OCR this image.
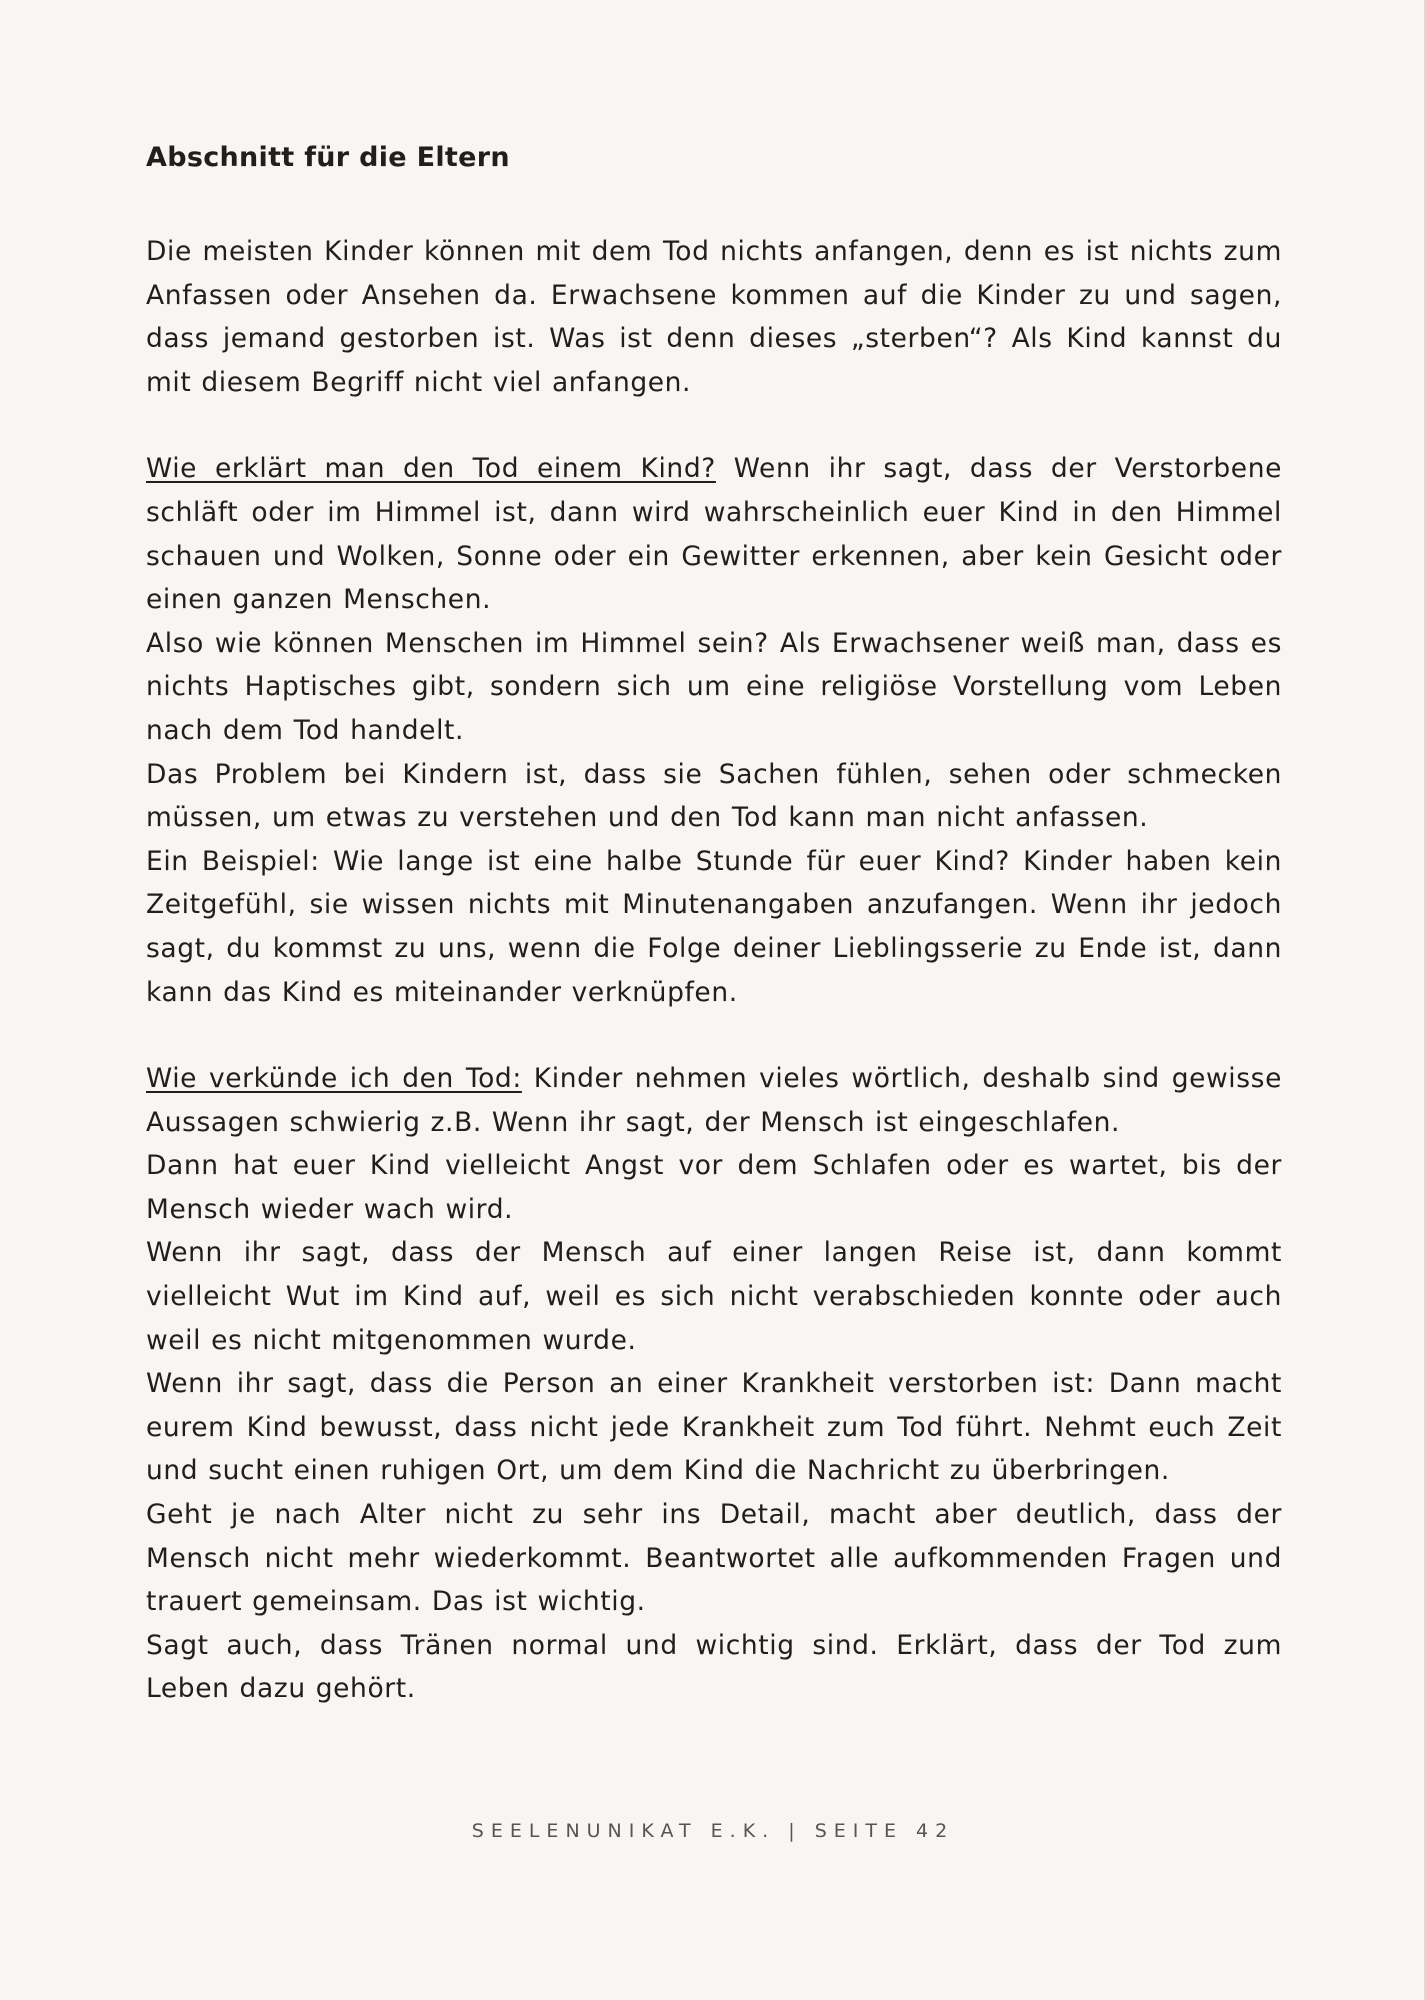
Abschnitt für die Eltern

Die meisten Kinder können mit dem Tod nichts anfangen, denn es ist nichts zum Anfassen oder Ansehen da. Erwachsene kommen auf die Kinder zu und sagen, dass jemand gestorben ist. Was ist denn dieses „sterben“? Als Kind kannst du mit diesem Begriff nicht viel anfangen.

Wie erklärt man den Tod einem Kind? Wenn ihr sagt, dass der Verstorbene schläft oder im Himmel ist, dann wird wahrscheinlich euer Kind in den Himmel schauen und Wolken, Sonne oder ein Gewitter erkennen, aber kein Gesicht oder einen ganzen Menschen.

Also wie können Menschen im Himmel sein? Als Erwachsener weiß man, dass es nichts Haptisches gibt, sondern sich um eine religiöse Vorstellung vom Leben nach dem Tod handelt.

Das Problem bei Kindern ist, dass sie Sachen fühlen, sehen oder schmecken müssen, um etwas zu verstehen und den Tod kann man nicht anfassen.

Ein Beispiel: Wie lange ist eine halbe Stunde für euer Kind? Kinder haben kein Zeitgefühl, sie wissen nichts mit Minutenangaben anzufangen. Wenn ihr jedoch sagt, du kommst zu uns, wenn die Folge deiner Lieblingsserie zu Ende ist, dann kann das Kind es miteinander verknüpfen.

Wie verkünde ich den Tod: Kinder nehmen vieles wörtlich, deshalb sind gewisse Aussagen schwierig z.B. Wenn ihr sagt, der Mensch ist eingeschlafen.

Dann hat euer Kind vielleicht Angst vor dem Schlafen oder es wartet, bis der Mensch wieder wach wird.

Wenn ihr sagt, dass der Mensch auf einer langen Reise ist, dann kommt vielleicht Wut im Kind auf, weil es sich nicht verabschieden konnte oder auch weil es nicht mitgenommen wurde.

Wenn ihr sagt, dass die Person an einer Krankheit verstorben ist: Dann macht eurem Kind bewusst, dass nicht jede Krankheit zum Tod führt. Nehmt euch Zeit und sucht einen ruhigen Ort, um dem Kind die Nachricht zu überbringen.

Geht je nach Alter nicht zu sehr ins Detail, macht aber deutlich, dass der Mensch nicht mehr wiederkommt. Beantwortet alle aufkommenden Fragen und trauert gemeinsam. Das ist wichtig.

Sagt auch, dass Tränen normal und wichtig sind. Erklärt, dass der Tod zum Leben dazu gehört.

SEELENUNIKAT E.K. | SEITE 42
